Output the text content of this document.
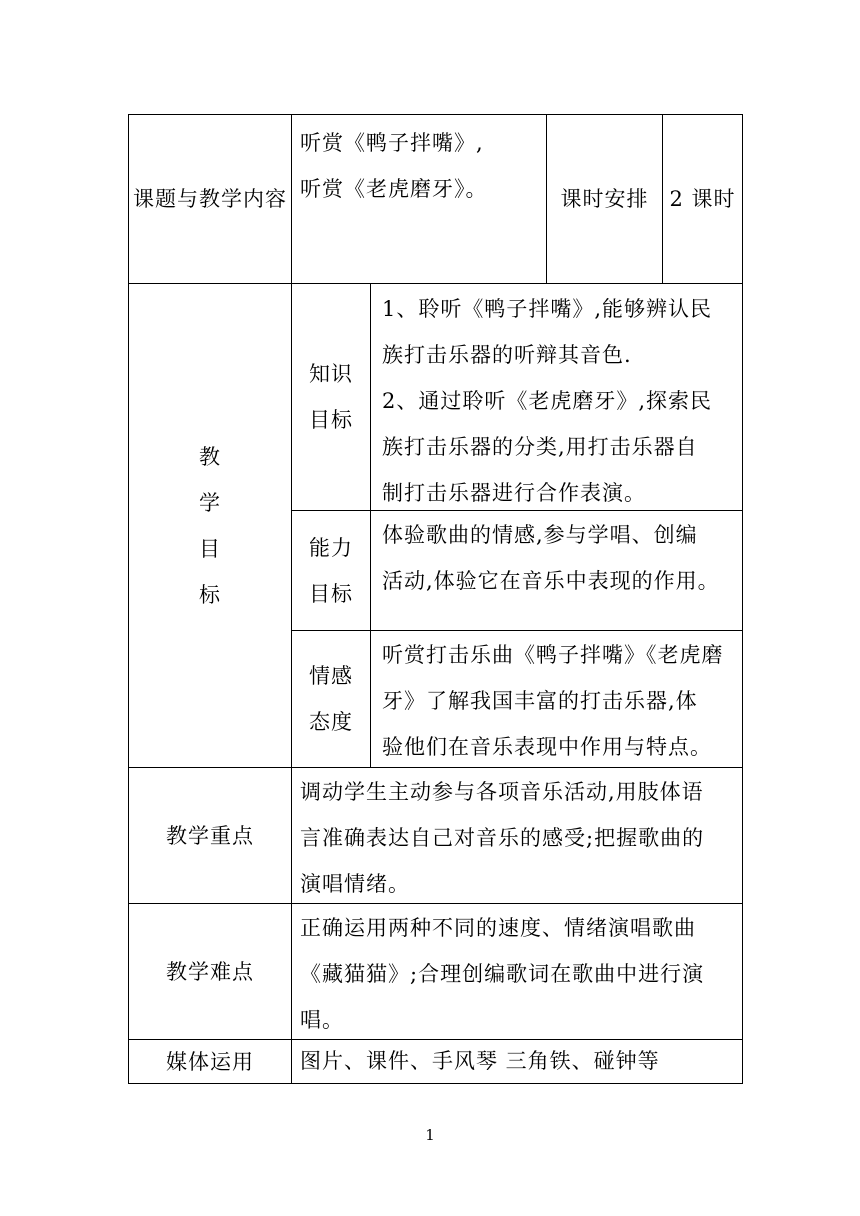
课题与教学内容
听赏《鸭子拌嘴》,
听赏《老虎磨牙》。	课时安排 2 课时
教
学
目
标
知识
目标
1、聆听《鸭子拌嘴》,能够辨认民
族打击乐器的听辩其音色.
2、通过聆听《老虎磨牙》,探索民
族打击乐器的分类,用打击乐器自
制打击乐器进行合作表演。
能力
目标
体验歌曲的情感,参与学唱、创编
活动,体验它在音乐中表现的作用。
情感
态度
听赏打击乐曲《鸭子拌嘴》《老虎磨
牙》了解我国丰富的打击乐器,体
验他们在音乐表现中作用与特点。
教学重点
调动学生主动参与各项音乐活动,用肢体语
言准确表达自己对音乐的感受;把握歌曲的
演唱情绪。
教学难点
正确运用两种不同的速度、情绪演唱歌曲
《藏猫猫》;合理创编歌词在歌曲中进行演
唱。
媒体运用	图片、课件、手风琴 三角铁、碰钟等
1
